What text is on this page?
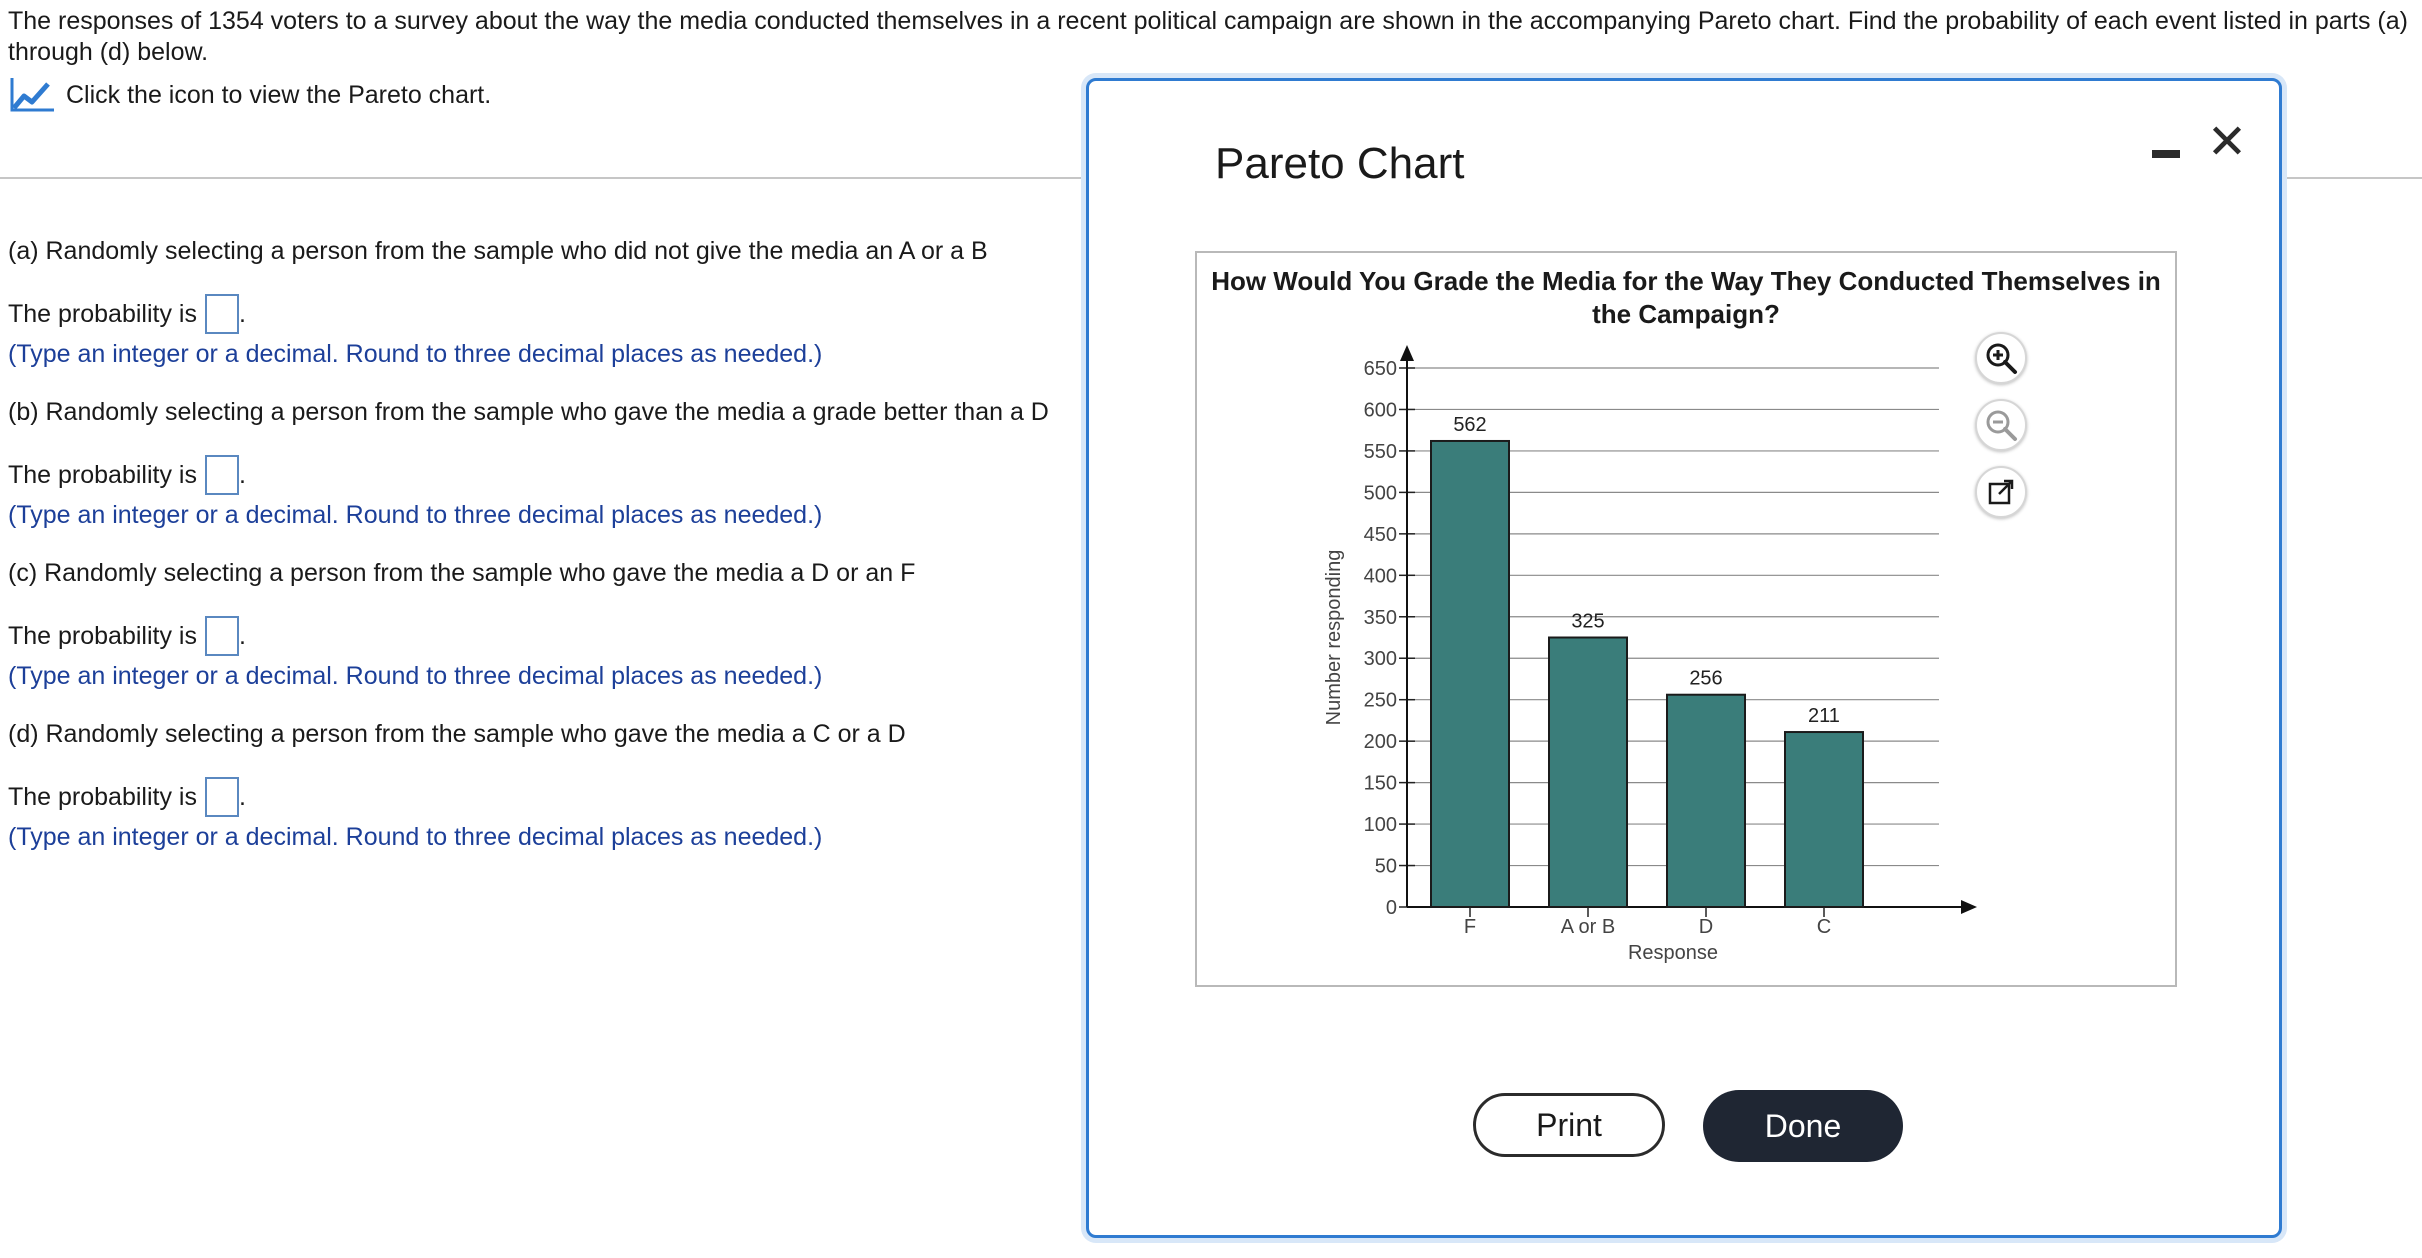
The responses of 1354 voters to a survey about the way the media conducted themselves in a recent political campaign are shown in the accompanying Pareto chart. Find the probability of each event listed in parts (a) through (d) below.
Click the icon to view the Pareto chart.
(a) Randomly selecting a person from the sample who did not give the media an A or a B
The probability is .
(Type an integer or a decimal. Round to three decimal places as needed.)
(b) Randomly selecting a person from the sample who gave the media a grade better than a D
The probability is .
(Type an integer or a decimal. Round to three decimal places as needed.)
(c) Randomly selecting a person from the sample who gave the media a D or an F
The probability is .
(Type an integer or a decimal. Round to three decimal places as needed.)
(d) Randomly selecting a person from the sample who gave the media a C or a D
The probability is .
(Type an integer or a decimal. Round to three decimal places as needed.)
Pareto Chart	✕
How Would You Grade the Media for the Way They Conducted Themselves in the Campaign?
0
50
100
150
200
250
300
350
400
450
500
550
600
650
562
F
325
A or B
256
D
211
C
Response
Number responding
Print	Done
